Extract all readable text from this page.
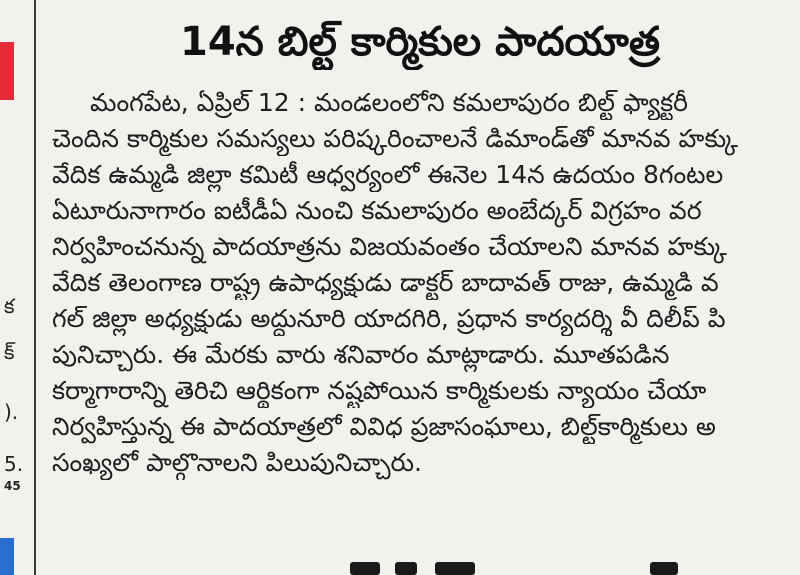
క
క్
).
5.
45
14న బిల్ట్ కార్మికుల పాదయాత్ర
మంగపేట, ఏప్రిల్ 12 : మండలంలోని కమలాపురం బిల్ట్ ఫ్యాక్టరీ
చెందిన కార్మికుల సమస్యలు పరిష్కరించాలనే డిమాండ్‌తో మానవ హక్కు
వేదిక ఉమ్మడి జిల్లా కమిటీ ఆధ్వర్యంలో ఈనెల 14న ఉదయం 8గంటల
ఏటూరునాగారం ఐటీడీఏ నుంచి కమలాపురం అంబేద్కర్ విగ్రహం వర
నిర్వహించనున్న పాదయాత్రను విజయవంతం చేయాలని మానవ హక్కు
వేదిక తెలంగాణ రాష్ట్ర ఉపాధ్యక్షుడు డాక్టర్ బాదావత్ రాజు, ఉమ్మడి వ
గల్ జిల్లా అధ్యక్షుడు అద్దునూరి యాదగిరి, ప్రధాన కార్యదర్శి వీ దిలీప్ పి
పునిచ్చారు. ఈ మేరకు వారు శనివారం మాట్లాడారు. మూతపడిన
కర్మాగారాన్ని తెరిచి ఆర్థికంగా నష్టపోయిన కార్మికులకు న్యాయం చేయా
నిర్వహిస్తున్న ఈ పాదయాత్రలో వివిధ ప్రజాసంఘాలు, బిల్ట్‌కార్మికులు అ
సంఖ్యలో పాల్గొనాలని పిలుపునిచ్చారు.
